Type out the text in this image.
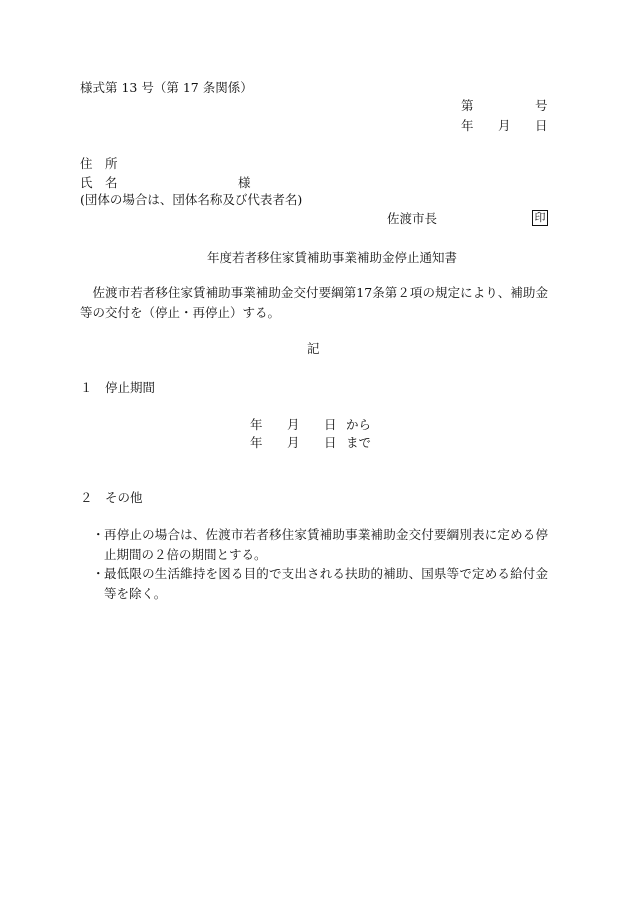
様式第 13 号（第 17 条関係）
第	号
年 月 日
住　所
氏　名	様
(団体の場合は、団体名称及び代表者名)
佐渡市長	印
年度若者移住家賃補助事業補助金停止通知書
　佐渡市若者移住家賃補助事業補助金交付要綱第17条第２項の規定により、補助金等の交付を（停止・再停止）する。
記
１　停止期間
年 月 日 から
年 月 日 まで
２　その他
・ 再停止の場合は、佐渡市若者移住家賃補助事業補助金交付要綱別表に定める停止期間の２倍の期間とする。
・ 最低限の生活維持を図る目的で支出される扶助的補助、国県等で定める給付金等を除く。
